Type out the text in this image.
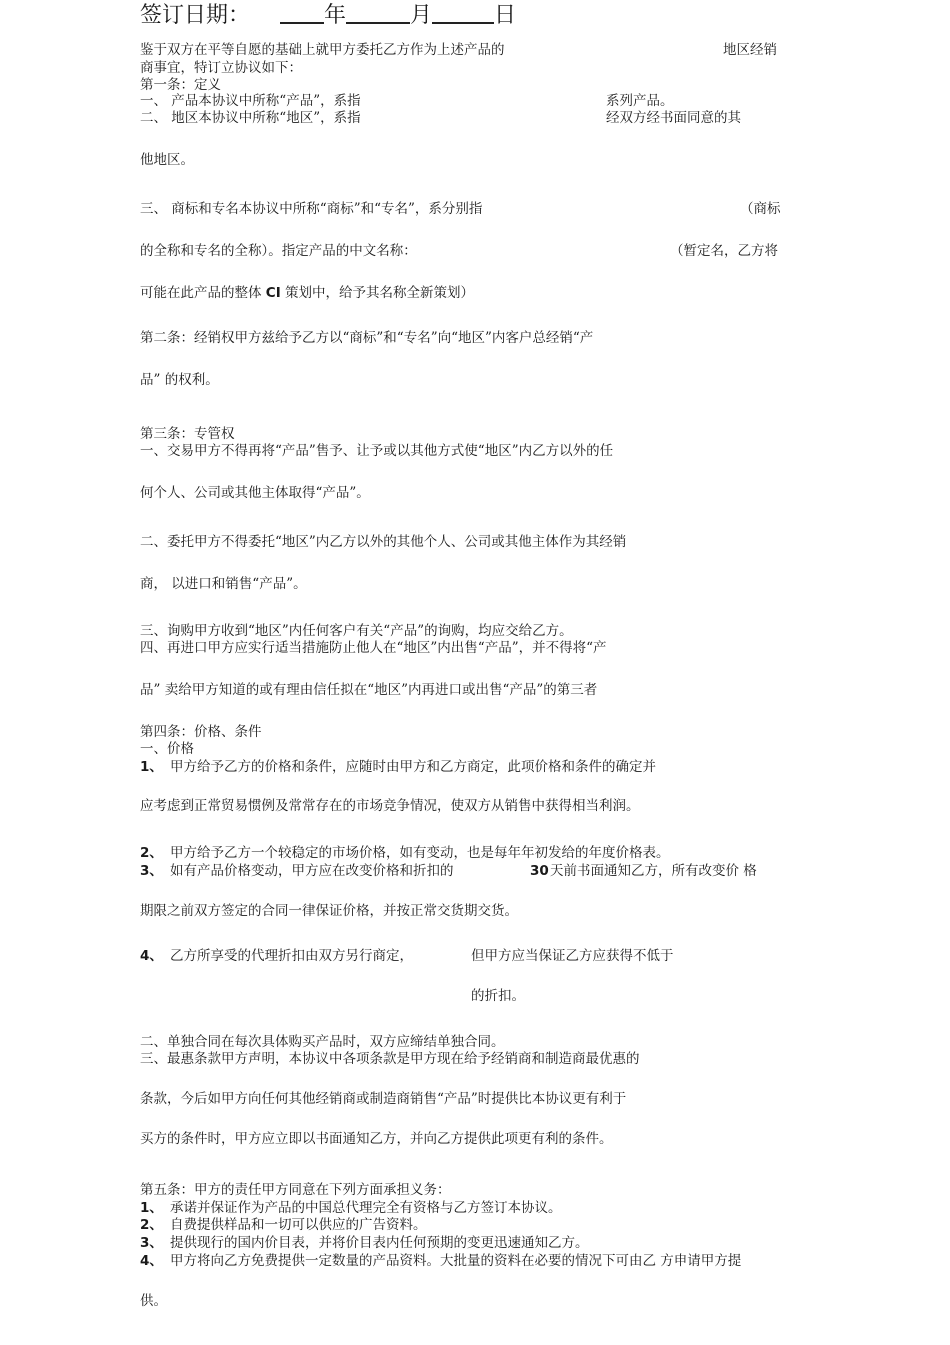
签订日期：	年	月	日
鉴于双方在平等自愿的基础上就甲方委托乙方作为上述产品的	地区经销
商事宜，特订立协议如下：
第一条：定义
一、 产品本协议中所称“产品”，系指	系列产品。
二、 地区本协议中所称“地区”，系指	经双方经书面同意的其
他地区。
三、 商标和专名本协议中所称“商标”和“专名”，系分别指	（商标
的全称和专名的全称）。指定产品的中文名称：	（暂定名，乙方将
可能在此产品的整体 CI 策划中，给予其名称全新策划）
第二条：经销权甲方兹给予乙方以“商标”和“专名”向“地区”内客户总经销“产
品” 的权利。
第三条：专管权
一、交易甲方不得再将“产品”售予、让予或以其他方式使“地区”内乙方以外的任
何个人、公司或其他主体取得“产品”。
二、委托甲方不得委托“地区”内乙方以外的其他个人、公司或其他主体作为其经销
商， 以进口和销售“产品”。
三、询购甲方收到“地区”内任何客户有关“产品”的询购，均应交给乙方。
四、再进口甲方应实行适当措施防止他人在“地区”内出售“产品”，并不得将“产
品” 卖给甲方知道的或有理由信任拟在“地区”内再进口或出售“产品”的第三者
第四条：价格、条件
一、价格
1、 甲方给予乙方的价格和条件，应随时由甲方和乙方商定，此项价格和条件的确定并
应考虑到正常贸易惯例及常常存在的市场竞争情况，使双方从销售中获得相当利润。
2、 甲方给予乙方一个较稳定的市场价格，如有变动，也是每年年初发给的年度价格表。
3、 如有产品价格变动，甲方应在改变价格和折扣的	30 天前书面通知乙方，所有改变价 格
期限之前双方签定的合同一律保证价格，并按正常交货期交货。
4、 乙方所享受的代理折扣由双方另行商定，	但甲方应当保证乙方应获得不低于
的折扣。
二、单独合同在每次具体购买产品时，双方应缔结单独合同。
三、最惠条款甲方声明，本协议中各项条款是甲方现在给予经销商和制造商最优惠的
条款，今后如甲方向任何其他经销商或制造商销售“产品”时提供比本协议更有利于
买方的条件时，甲方应立即以书面通知乙方，并向乙方提供此项更有利的条件。
第五条：甲方的责任甲方同意在下列方面承担义务：
1、 承诺并保证作为产品的中国总代理完全有资格与乙方签订本协议。
2、 自费提供样品和一切可以供应的广告资料。
3、 提供现行的国内价目表，并将价目表内任何预期的变更迅速通知乙方。
4、 甲方将向乙方免费提供一定数量的产品资料。大批量的资料在必要的情况下可由乙 方申请甲方提
供。
